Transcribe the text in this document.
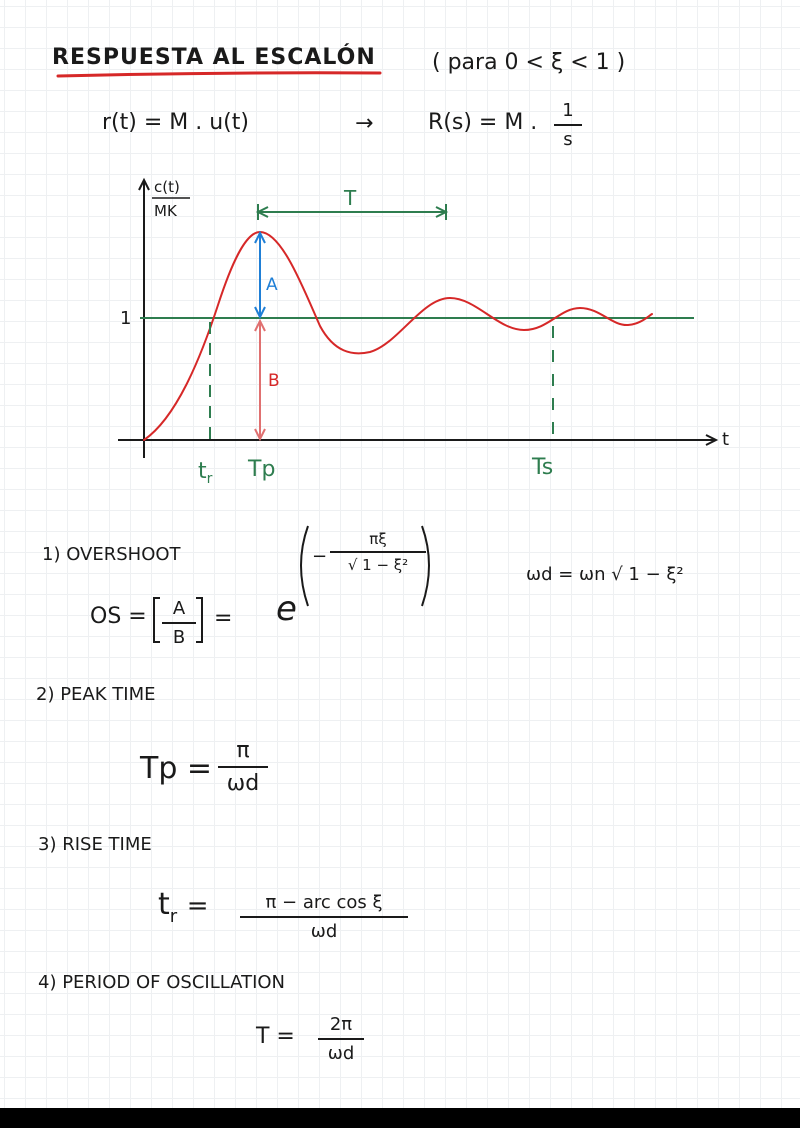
RESPUESTA AL ESCALÓN	( para 0 < ξ < 1 )
r(t) = M . u(t)	→ R(s) = M . $\frac{1}{s}$
c(t)
MK
1
t
T
A
B
$t_r$ Tp	Ts
1) OVERSHOOT
OS = $\frac{A}{B} = e$
− $\frac{\pi\xi}{\text{√ 1 − ξ²}}$
ωd = ωn √ 1 − ξ²
2) PEAK TIME
$Tp = \frac{\pi}{\omega d}$
3) RISE TIME
$t_r$ =	π − arc cos ξ
ωd
4) PERIOD OF OSCILLATION
$T = \frac{2\pi}{\omega d}$
